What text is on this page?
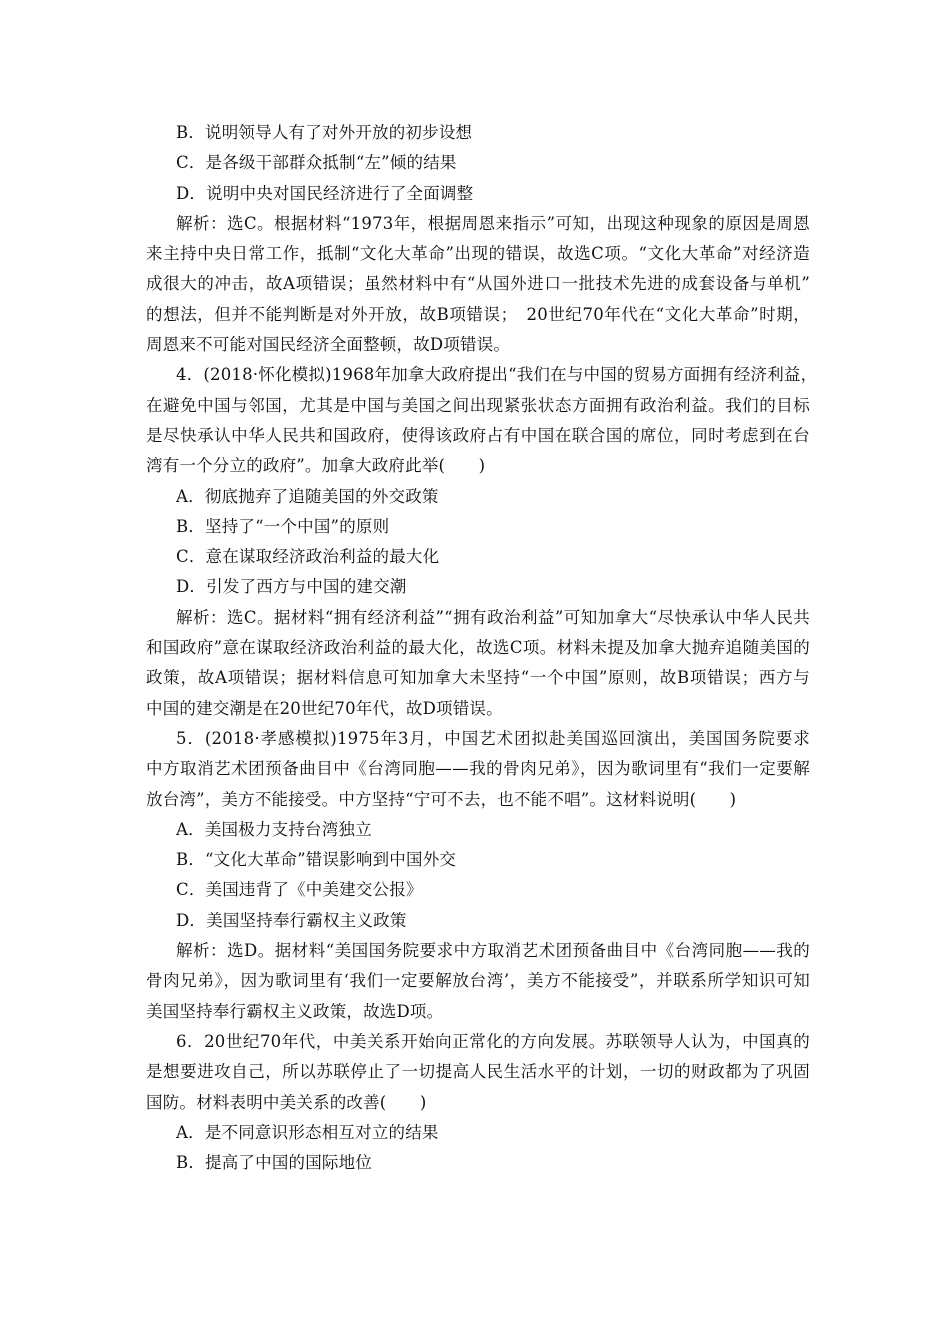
B．说明领导人有了对外开放的初步设想
C．是各级干部群众抵制“左”倾的结果
D．说明中央对国民经济进行了全面调整
解析：选C。根据材料“1973年，根据周恩来指示”可知，出现这种现象的原因是周恩
来主持中央日常工作，抵制“文化大革命”出现的错误，故选C项。“文化大革命”对经济造
成很大的冲击，故A项错误；虽然材料中有“从国外进口一批技术先进的成套设备与单机”
的想法，但并不能判断是对外开放，故B项错误；　20世纪70年代在“文化大革命”时期，
周恩来不可能对国民经济全面整顿，故D项错误。
4．(2018·怀化模拟)1968年加拿大政府提出“我们在与中国的贸易方面拥有经济利益，
在避免中国与邻国，尤其是中国与美国之间出现紧张状态方面拥有政治利益。我们的目标
是尽快承认中华人民共和国政府，使得该政府占有中国在联合国的席位，同时考虑到在台
湾有一个分立的政府”。加拿大政府此举(　　)
A．彻底抛弃了追随美国的外交政策
B．坚持了“一个中国”的原则
C．意在谋取经济政治利益的最大化
D．引发了西方与中国的建交潮
解析：选C。据材料“拥有经济利益”“拥有政治利益”可知加拿大“尽快承认中华人民共
和国政府”意在谋取经济政治利益的最大化，故选C项。材料未提及加拿大抛弃追随美国的
政策，故A项错误；据材料信息可知加拿大未坚持“一个中国”原则，故B项错误；西方与
中国的建交潮是在20世纪70年代，故D项错误。
5．(2018·孝感模拟)1975年3月，中国艺术团拟赴美国巡回演出，美国国务院要求
中方取消艺术团预备曲目中《台湾同胞——我的骨肉兄弟》，因为歌词里有“我们一定要解
放台湾”，美方不能接受。中方坚持“宁可不去，也不能不唱”。这材料说明(　　)
A．美国极力支持台湾独立
B．“文化大革命”错误影响到中国外交
C．美国违背了《中美建交公报》
D．美国坚持奉行霸权主义政策
解析：选D。据材料“美国国务院要求中方取消艺术团预备曲目中《台湾同胞——我的
骨肉兄弟》，因为歌词里有‘我们一定要解放台湾’，美方不能接受”，并联系所学知识可知
美国坚持奉行霸权主义政策，故选D项。
6．20世纪70年代，中美关系开始向正常化的方向发展。苏联领导人认为，中国真的
是想要进攻自己，所以苏联停止了一切提高人民生活水平的计划，一切的财政都为了巩固
国防。材料表明中美关系的改善(　　)
A．是不同意识形态相互对立的结果
B．提高了中国的国际地位
